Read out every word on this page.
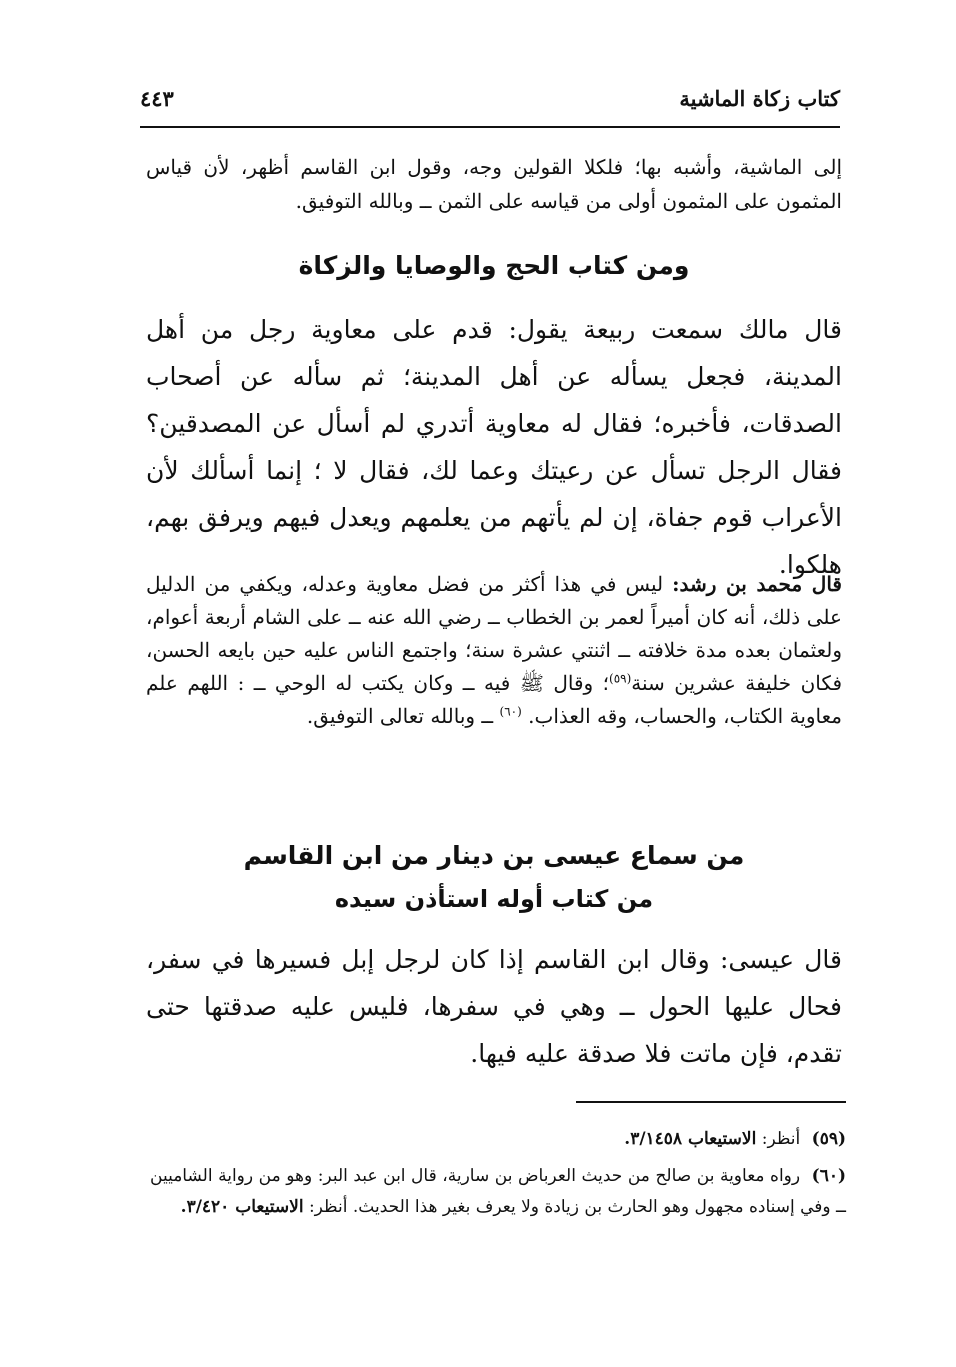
كتاب زكاة الماشية
٤٤٣
إلى الماشية، وأشبه بها؛ فلكلا القولين وجه، وقول ابن القاسم أظهر، لأن قياس المثمون على المثمون أولى من قياسه على الثمن ــ وبالله التوفيق.
ومن كتاب الحج والوصايا والزكاة
قال مالك سمعت ربيعة يقول: قدم على معاوية رجل من أهل المدينة، فجعل يسأله عن أهل المدينة؛ ثم سأله عن أصحاب الصدقات، فأخبره؛ فقال له معاوية أتدري لم أسأل عن المصدقين؟ فقال الرجل تسأل عن رعيتك وعما لك، فقال لا ؛ إنما أسألك لأن الأعراب قوم جفاة، إن لم يأتهم من يعلمهم ويعدل فيهم ويرفق بهم، هلكوا.
قال محمد بن رشد: ليس في هذا أكثر من فضل معاوية وعدله، ويكفي من الدليل على ذلك، أنه كان أميراً لعمر بن الخطاب ــ رضي الله عنه ــ على الشام أربعة أعوام، ولعثمان بعده مدة خلافته ــ اثنتي عشرة سنة؛ واجتمع الناس عليه حين بايعه الحسن، فكان خليفة عشرين سنة$^{(٥٩)}$؛ وقال ﷺ فيه ــ وكان يكتب له الوحي ــ : اللهم علم معاوية الكتاب، والحساب، وقه العذاب. $^{(٦٠)}$ ــ وبالله تعالى التوفيق.
من سماع عيسى بن دينار من ابن القاسم
من كتاب أوله استأذن سيده
قال عيسى: وقال ابن القاسم إذا كان لرجل إبل فسيرها في سفر، فحال عليها الحول ــ وهي في سفرها، فليس عليه صدقتها حتى تقدم، فإن ماتت فلا صدقة عليه فيها.

(٥٩) أنظر: الاستيعاب ٣/١٤٥٨.

(٦٠) رواه معاوية بن صالح من حديث العرباض بن سارية، قال ابن عبد البر: وهو من رواية الشاميين ــ وفي إسناده مجهول وهو الحارث بن زيادة ولا يعرف بغير هذا الحديث. أنظر: الاستيعاب ٣/٤٢٠.
